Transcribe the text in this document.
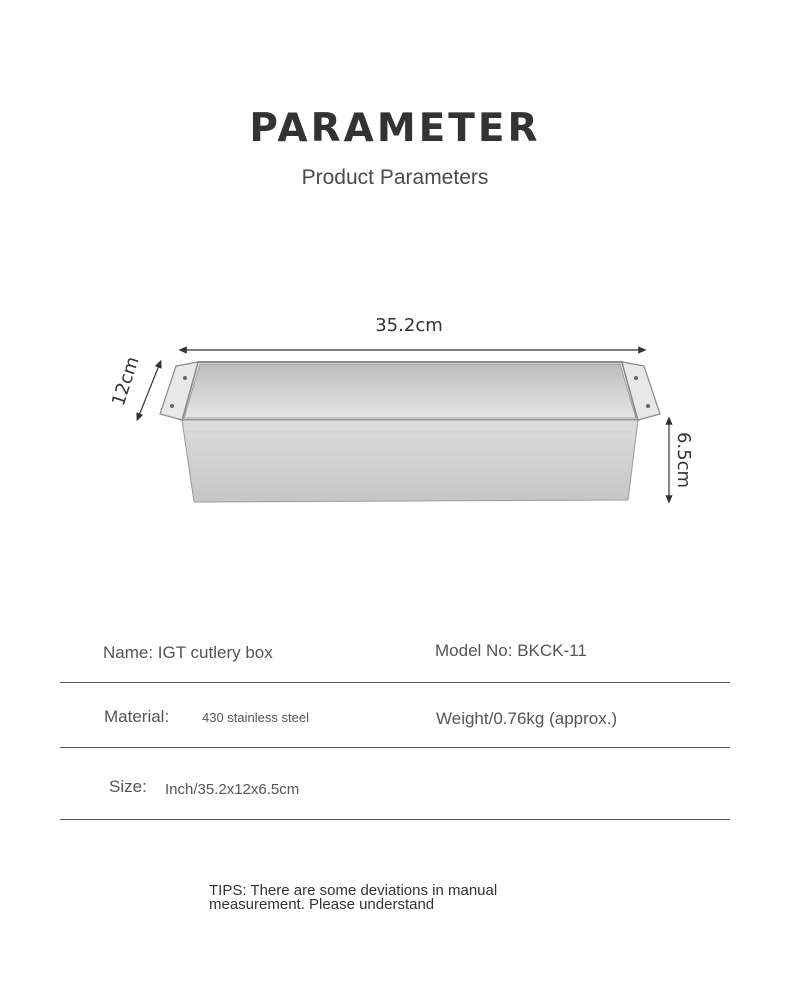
PARAMETER
Product Parameters
35.2cm
12cm
6.5cm
Name: IGT cutlery box	Model No: BKCK-11
Material:	430 stainless steel	Weight/0.76kg (approx.)
Size: Inch/35.2x12x6.5cm
TIPS: There are some deviations in manual measurement. Please understand
